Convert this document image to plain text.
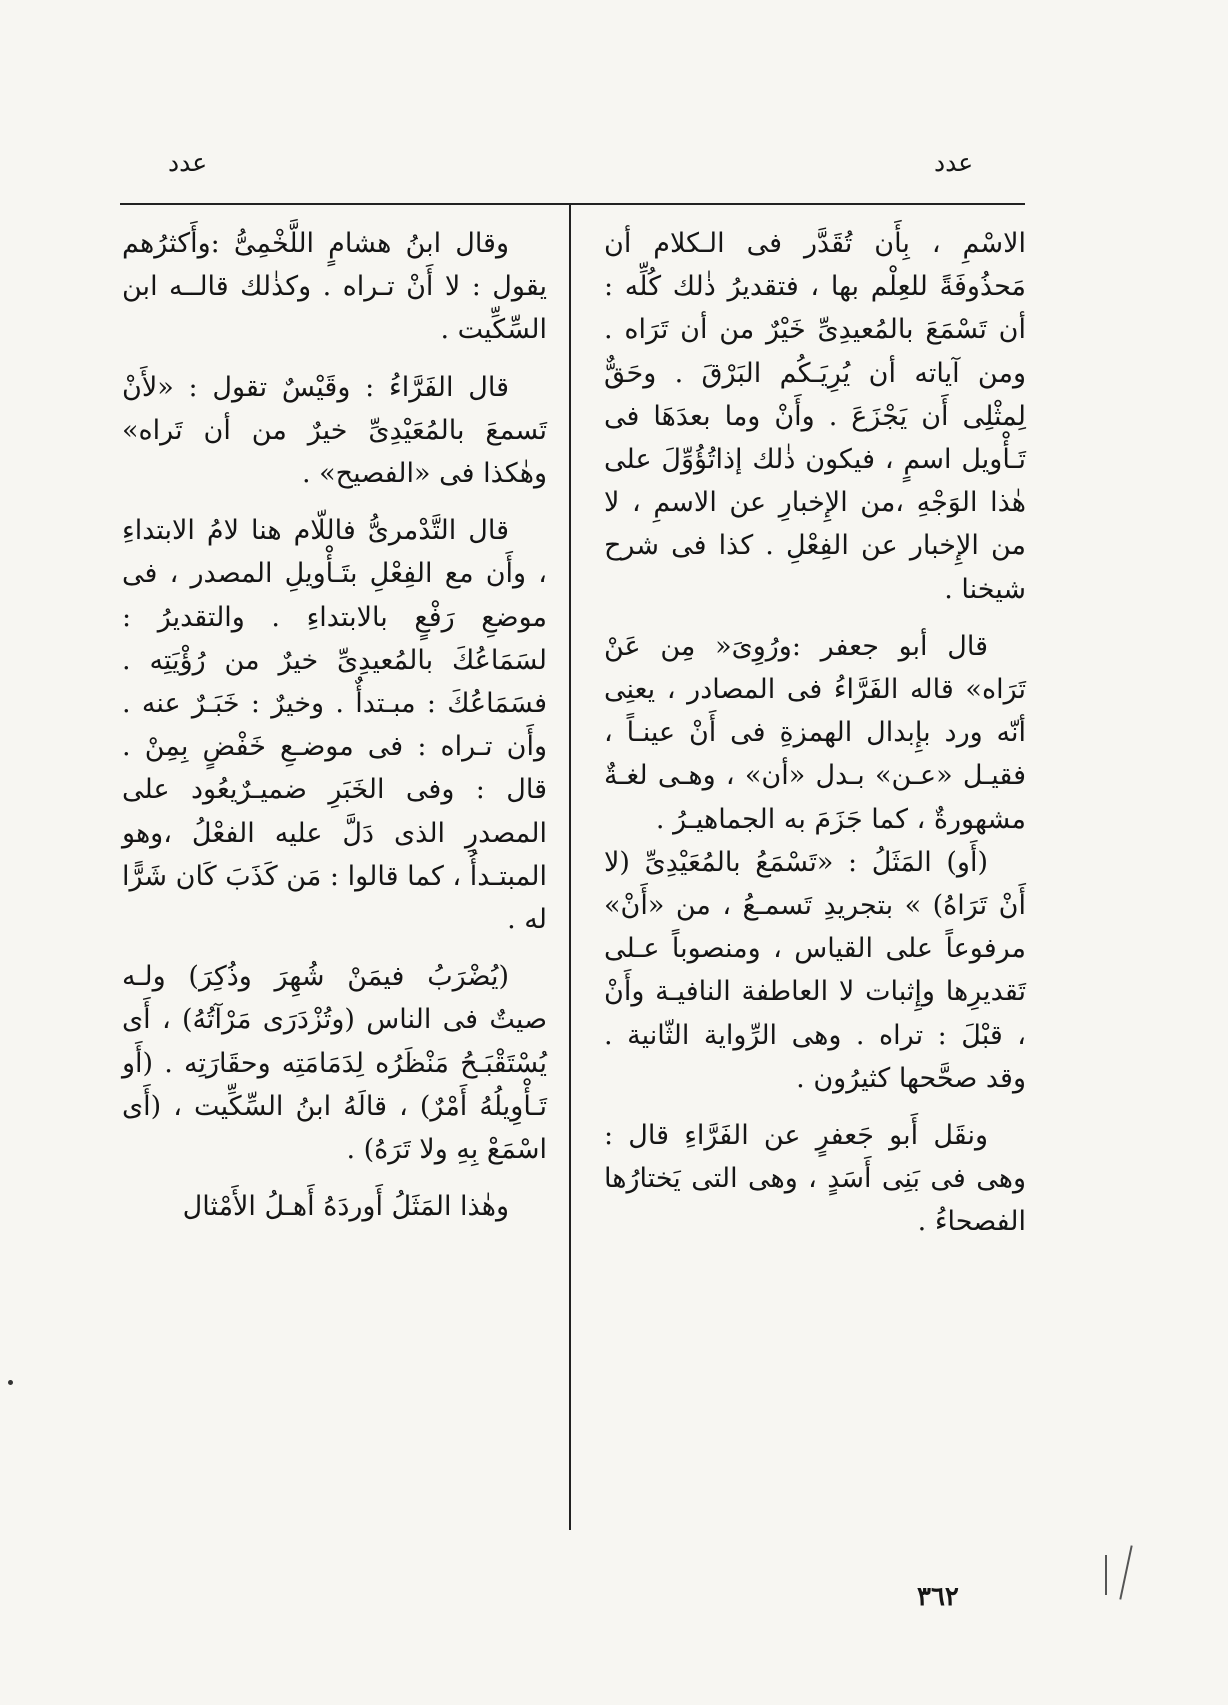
عدد
عدد

الاسْمِ ، بِأَن تُقَدَّر فى الـكلام أن مَحذُوفَةً للعِلْم بها ، فتقديرُ ذٰلك كُلِّه : أن تَسْمَعَ بالمُعيدِىِّ خَيْرٌ من أن تَرَاه . ومن آياته أن يُرِيَـكُم البَرْقَ . وحَقٌّ لِمثْلِى أَن يَجْزَعَ . وأَنْ وما بعدَهَا فى تَـأْويل اسمٍ ، فيكون ذٰلك إذاتُؤُوِّلَ على هٰذا الوَجْهِ ،من الإِخبارِ عن الاسمِ ، لا من الإِخبار عن الفِعْلِ . كذا فى شرح شيخنا .

قال أبو جعفر :ورُوِىَ« مِن عَنْ تَرَاه» قاله الفَرَّاءُ فى المصادر ، يعنِى أنّه ورد بإِبدال الهمزةِ فى أَنْ عينـاً ، فقيـل «عـن» بـدل «أن» ، وهـى لغـةٌ مشهورةٌ ، كما جَزَمَ به الجماهيـرُ .

(أَو) المَثَلُ : «تَسْمَعُ بالمُعَيْدِىِّ (لا أَنْ تَرَاهُ) » بتجريدِ تَسمـعُ ، من «أَنْ» مرفوعاً على القياس ، ومنصوباً عـلى تَقديرِها وإِثبات لا العاطفة النافيـة وأَنْ ، قبْلَ : تراه . وهى الرِّواية الثّانية . وقد صحَّحها كثيرُون .

ونقَل أَبو جَعفرٍ عن الفَرَّاءِ قال : وهى فى بَنِى أَسَدٍ ، وهى التى يَختارُها الفصحاءُ .

وقال ابنُ هشامٍ اللَّخْمِىُّ :وأَكثرُهم يقول : لا أَنْ تـراه . وكذٰلك قالــه ابن السِّكِّيت .

قال الفَرَّاءُ : وقَيْسٌ تقول : «لأَنْ تَسمعَ بالمُعَيْدِىِّ خيرٌ من أن تَراه» وهٰكذا فى «الفصيح» .

قال التَّدْمرىُّ فاللّام هنا لامُ الابتداءِ ، وأَن مع الفِعْلِ بتَـأْويلِ المصدر ، فى موضعِ رَفْعٍ بالابتداءِ . والتقديرُ : لسَمَاعُكَ بالمُعيدِىِّ خيرٌ من رُؤْيَتِه . فسَمَاعُكَ : مبـتدأٌ . وخيرٌ : خَبَـرٌ عنه . وأَن تـراه : فى موضـعِ خَفْضٍ بِمِنْ . قال : وفى الخَبَرِ ضميـرٌيعُود على المصدرِ الذى دَلَّ عليه الفعْلُ ،وهو المبتـدأُ ، كما قالوا : مَن كَذَبَ كَان شَرًّا له .

(يُضْرَبُ فيمَنْ شُهِرَ وذُكِرَ) ولـه صيتٌ فى الناس (وتُزْدَرَى مَرْآتُهُ) ، أَى يُسْتَقْبَـحُ مَنْظَرُه لِدَمَامَتِه وحقَارَتِه . (أَو تَـأْوِيلُهُ أَمْرٌ) ، قالَهُ ابنُ السِّكِّيت ، (أَى اسْمَعْ بِهِ ولا تَرَهُ) .

وهٰذا المَثَلُ أَوردَهُ أَهـلُ الأَمْثال

٣٦٢
